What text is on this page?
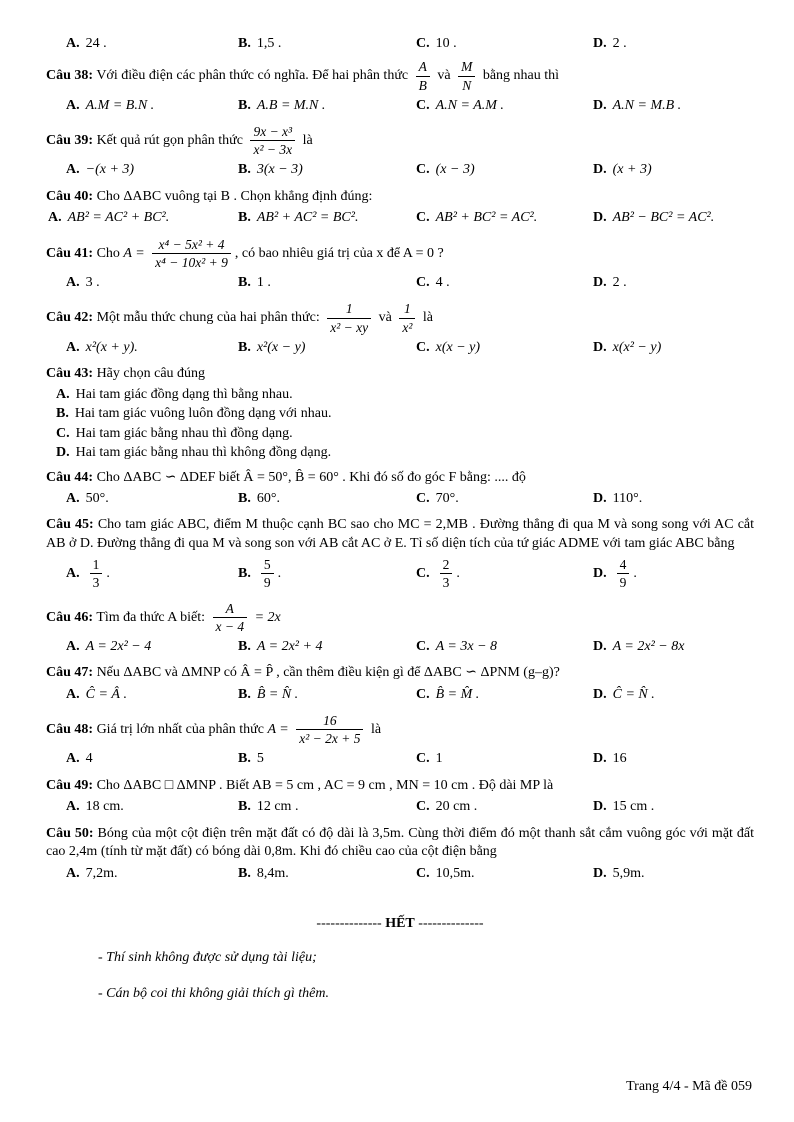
A. 24 .	B. 1,5 .	C. 10 .	D. 2 .

Câu 38: Với điều điện các phân thức có nghĩa. Để hai phân thức $\frac{A}{B}$ và $\frac{M}{N}$ bằng nhau thì

A. A.M = B.N .	B. A.B = M.N .	C. A.N = A.M .	D. A.N = M.B .

Câu 39: Kết quả rút gọn phân thức $\frac{\text{9x − x³}}{\text{x² − 3x}}$ là

A. −(x + 3)	B. 3(x − 3)	C. (x − 3)	D. (x + 3)

Câu 40: Cho ΔABC vuông tại B . Chọn khẳng định đúng:

A. AB² = AC² + BC².	B. AB² + AC² = BC².	C. AB² + BC² = AC².	D. AB² − BC² = AC².

Câu 41: Cho $A = \frac{\text{x⁴ − 5x² + 4}}{\text{x⁴ − 10x² + 9}}$ , có bao nhiêu giá trị của x để A = 0 ?

A. 3 .	B. 1 .	C. 4 .	D. 2 .

Câu 42: Một mẫu thức chung của hai phân thức: $\frac{1}{\text{x² − xy}}$ và $\frac{1}{\text{x²}}$ là

A. x²(x + y).	B. x²(x − y)	C. x(x − y)	D. x(x² − y)

Câu 43: Hãy chọn câu đúng

A. Hai tam giác đồng dạng thì bằng nhau.

B. Hai tam giác vuông luôn đồng dạng với nhau.

C. Hai tam giác bằng nhau thì đồng dạng.

D. Hai tam giác bằng nhau thì không đồng dạng.

Câu 44: Cho ΔABC ∽ ΔDEF biết Â = 50°, B̂ = 60° . Khi đó số đo góc F bằng: .... độ

A. 50°.	B. 60°.	C. 70°.	D. 110°.

Câu 45: Cho tam giác ABC, điểm M thuộc cạnh BC sao cho MC = 2,MB . Đường thẳng đi qua M và song song với AC cắt AB ở D. Đường thẳng đi qua M và song son với AB cắt AC ở E. Tỉ số diện tích của tứ giác ADME với tam giác ABC bằng

A. $\frac{1}{3}$ .	B. $\frac{5}{9}$ .	C. $\frac{2}{3}$ .	D. $\frac{4}{9}$ .

Câu 46: Tìm đa thức A biết: $\frac{A}{x - 4} = 2x$

A. A = 2x² − 4	B. A = 2x² + 4	C. A = 3x − 8	D. A = 2x² − 8x

Câu 47: Nếu ΔABC và ΔMNP có Â = P̂ , cần thêm điều kiện gì để ΔABC ∽ ΔPNM (g–g)?

A. Ĉ = Â .	B. B̂ = N̂ .	C. B̂ = M̂ .	D. Ĉ = N̂ .

Câu 48: Giá trị lớn nhất của phân thức $A = \frac{16}{\text{x² − 2x + 5}}$ là

A. 4	B. 5	C. 1	D. 16

Câu 49: Cho ΔABC □ ΔMNP . Biết AB = 5 cm , AC = 9 cm , MN = 10 cm . Độ dài MP là

A. 18 cm.	B. 12 cm .	C. 20 cm .	D. 15 cm .

Câu 50: Bóng của một cột điện trên mặt đất có độ dài là 3,5m. Cùng thời điểm đó một thanh sắt cắm vuông góc với mặt đất cao 2,4m (tính từ mặt đất) có bóng dài 0,8m. Khi đó chiều cao của cột điện bằng

A. 7,2m.	B. 8,4m.	C. 10,5m.	D. 5,9m.

-------------- HẾT --------------

- Thí sinh không được sử dụng tài liệu;

- Cán bộ coi thi không giải thích gì thêm.

Trang 4/4 - Mã đề 059
